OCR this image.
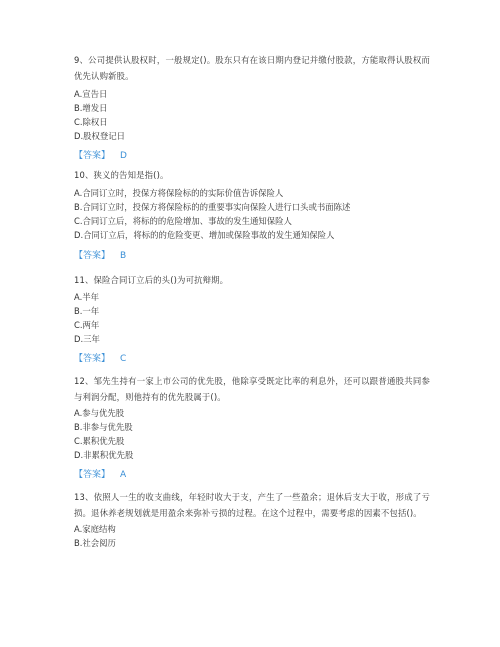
9、公司提供认股权时，一般规定()。股东只有在该日期内登记并缴付股款，方能取得认股权而优先认购新股。

A.宣告日

B.增发日

C.除权日

D.股权登记日

【答案】 D

10、狭义的告知是指()。

A.合同订立时，投保方将保险标的的实际价值告诉保险人

B.合同订立时，投保方将保险标的的重要事实向保险人进行口头或书面陈述

C.合同订立后，将标的的危险增加、事故的发生通知保险人

D.合同订立后，将标的的危险变更、增加或保险事故的发生通知保险人

【答案】 B

11、保险合同订立后的头()为可抗辩期。

A.半年

B.一年

C.两年

D.三年

【答案】 C

12、邹先生持有一家上市公司的优先股，他除享受既定比率的利息外，还可以跟普通股共同参与利润分配，则他持有的优先股属于()。

A.参与优先股

B.非参与优先股

C.累积优先股

D.非累积优先股

【答案】 A

13、依照人一生的收支曲线，年轻时收大于支，产生了一些盈余；退休后支大于收，形成了亏损。退休养老规划就是用盈余来弥补亏损的过程。在这个过程中，需要考虑的因素不包括()。

A.家庭结构

B.社会阅历
